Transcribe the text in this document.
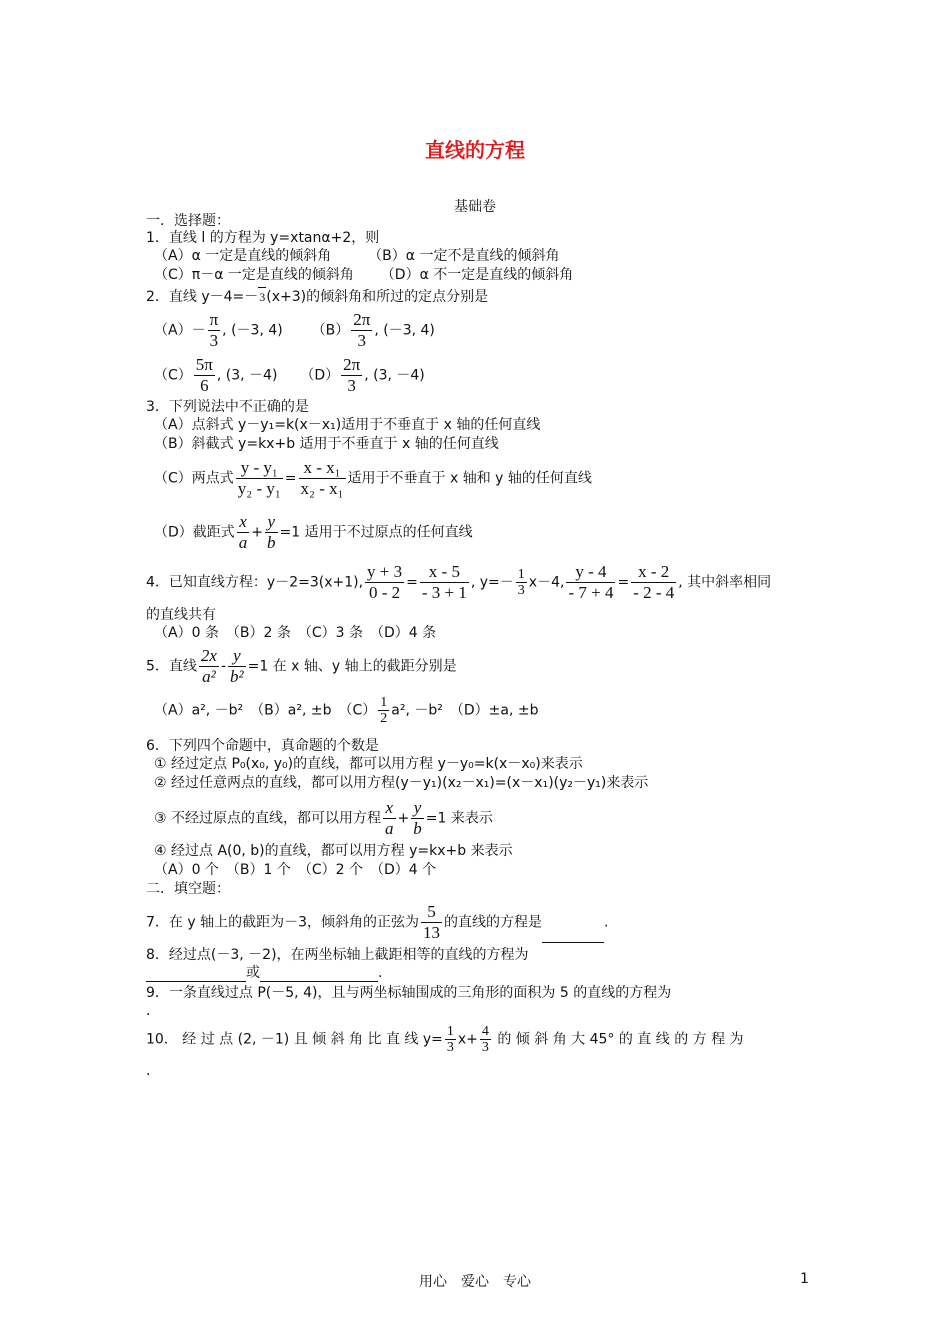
直线的方程
基础卷
一．选择题：
1．直线 l 的方程为 y=xtanα+2，则
（A）α 一定是直线的倾斜角	（B）α 一定不是直线的倾斜角
（C）π－α 一定是直线的倾斜角 （D）α 不一定是直线的倾斜角
2．直线 y－4=－3(x+3)的倾斜角和所过的定点分别是
$(A)- \frac{\pi}{3}$ , (－3, 4) $(B) \frac{2\pi}{3}$ , (－3, 4)
$(C) \frac{5\pi}{6}$ , (3, －4) $(D) \frac{2\pi}{3}$ , (3, －4)
3．下列说法中不正确的是
（A）点斜式 y－y₁=k(x－x₁)适用于不垂直于 x 轴的任何直线
（B）斜截式 y=kx+b 适用于不垂直于 x 轴的任何直线
（C）两点式 $\frac{\text{y - y₁}}{\text{y₂ - y₁}} = \frac{\text{x - x₁}}{\text{x₂ - x₁}}$ 适用于不垂直于 x 轴和 y 轴的任何直线
（D）截距式 $\frac{x}{a} + \frac{y}{b} =1$ 适用于不过原点的任何直线
4．已知直线方程：y－2=3(x+1), $\frac{y + 3}{0 - 2} = \frac{x - 5}{- 3 + 1}$ , $y=- \frac{1}{3} x-4$, $\frac{y - 4}{- 7 + 4} = \frac{x - 2}{- 2 - 4}$ , 其中斜率相同
的直线共有
（A）0 条　（B）2 条　（C）3 条　（D）4 条
5．直线 $\frac{2x}{\text{a²}} - \frac{y}{\text{b²}} =1$ 在 x 轴、y 轴上的截距分别是
（A）a², －b²　（B）a², ±b　$(C) \frac{1}{2} a^2$, －b²　（D）±a, ±b
6．下列四个命题中，真命题的个数是
① 经过定点 P₀(x₀, y₀)的直线，都可以用方程 y－y₀=k(x－x₀)来表示
② 经过任意两点的直线，都可以用方程(y－y₁)(x₂－x₁)=(x－x₁)(y₂－y₁)来表示
③ 不经过原点的直线，都可以用方程 $\frac{x}{a} + \frac{y}{b} =1$ 来表示
④ 经过点 A(0, b)的直线，都可以用方程 y=kx+b 来表示
（A）0 个　（B）1 个　（C）2 个　（D）4 个
二．填空题：
7．在 y 轴上的截距为－3，倾斜角的正弦为 $\frac{5}{13}$ 的直线的方程是	.
8．经过点(－3, －2)，在两坐标轴上截距相等的直线的方程为
或	.
9．一条直线过点 P(－5, 4)，且与两坐标轴围成的三角形的面积为 5 的直线的方程为
.
10． 经 过 点 (2, －1) 且 倾 斜 角 比 直 线 $y= \frac{1}{3} x+ \frac{4}{3}$ 的 倾 斜 角 大 45° 的 直 线 的 方 程 为
.
用心　爱心　专心	1
